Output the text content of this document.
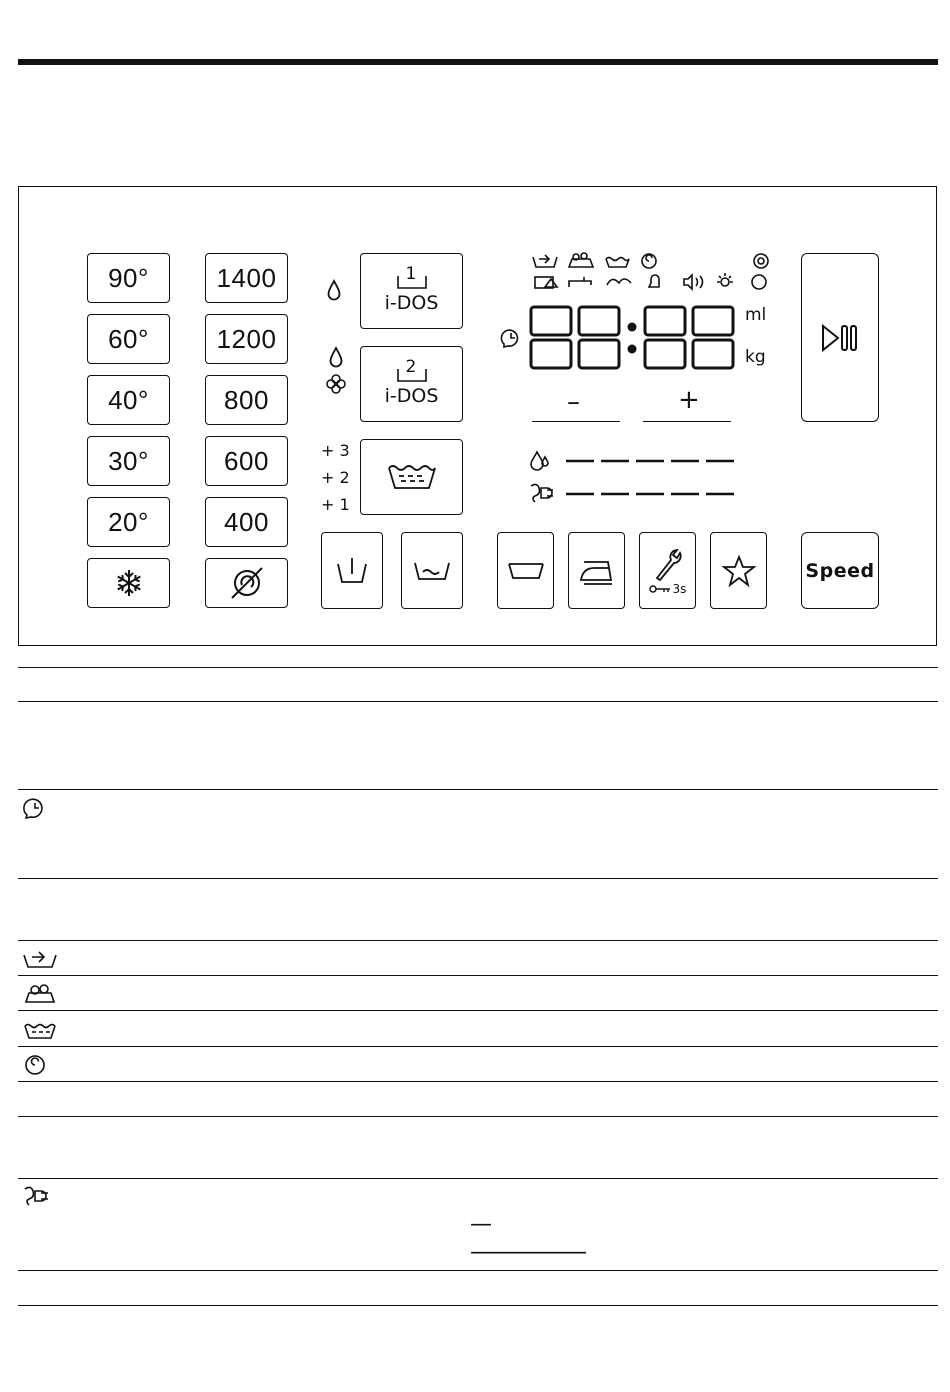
90°
60°
40°
30°
20°
1400
1200
800
600
400
1
i-DOS
2
i-DOS
+ 3
+ 2
+ 1
ml
kg
–	+
3s
Speed
—
——————
